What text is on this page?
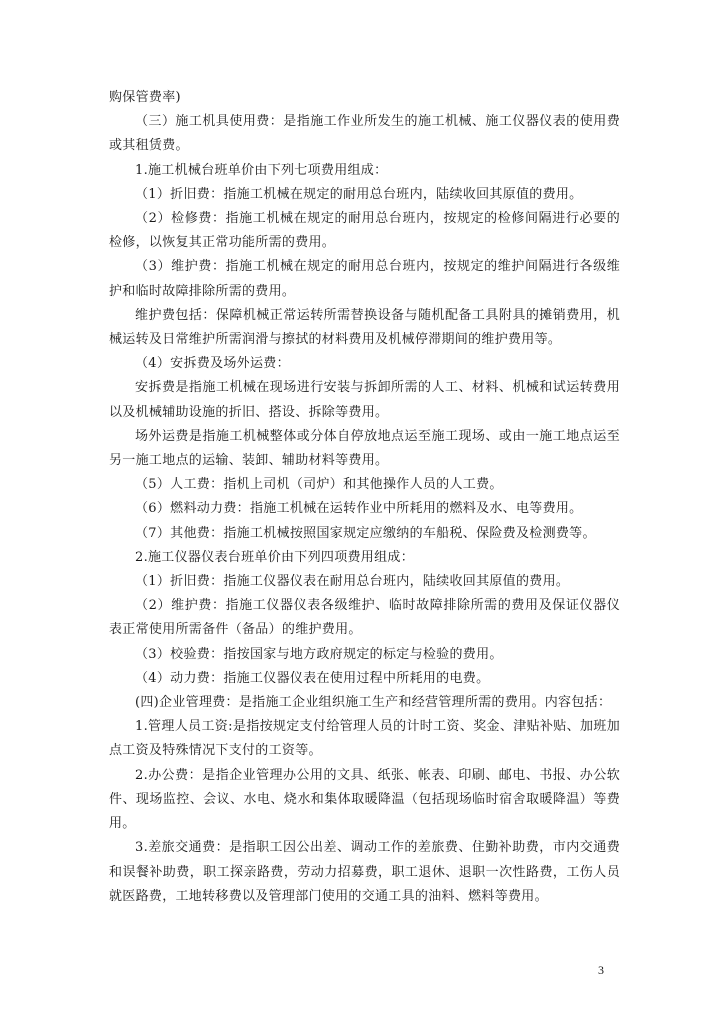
购保管费率)

（三）施工机具使用费：是指施工作业所发生的施工机械、施工仪器仪表的使用费或其租赁费。

1.施工机械台班单价由下列七项费用组成：

（1）折旧费：指施工机械在规定的耐用总台班内，陆续收回其原值的费用。

（2）检修费：指施工机械在规定的耐用总台班内，按规定的检修间隔进行必要的检修，以恢复其正常功能所需的费用。

（3）维护费：指施工机械在规定的耐用总台班内，按规定的维护间隔进行各级维护和临时故障排除所需的费用。

维护费包括：保障机械正常运转所需替换设备与随机配备工具附具的摊销费用，机械运转及日常维护所需润滑与擦拭的材料费用及机械停滞期间的维护费用等。

（4）安拆费及场外运费：

安拆费是指施工机械在现场进行安装与拆卸所需的人工、材料、机械和试运转费用以及机械辅助设施的折旧、搭设、拆除等费用。

场外运费是指施工机械整体或分体自停放地点运至施工现场、或由一施工地点运至另一施工地点的运输、装卸、辅助材料等费用。

（5）人工费：指机上司机（司炉）和其他操作人员的人工费。

（6）燃料动力费：指施工机械在运转作业中所耗用的燃料及水、电等费用。

（7）其他费：指施工机械按照国家规定应缴纳的车船税、保险费及检测费等。

2.施工仪器仪表台班单价由下列四项费用组成：

（1）折旧费：指施工仪器仪表在耐用总台班内，陆续收回其原值的费用。

（2）维护费：指施工仪器仪表各级维护、临时故障排除所需的费用及保证仪器仪表正常使用所需备件（备品）的维护费用。

（3）校验费：指按国家与地方政府规定的标定与检验的费用。

（4）动力费：指施工仪器仪表在使用过程中所耗用的电费。

(四)企业管理费：是指施工企业组织施工生产和经营管理所需的费用。内容包括：

1.管理人员工资:是指按规定支付给管理人员的计时工资、奖金、津贴补贴、加班加点工资及特殊情况下支付的工资等。

2.办公费：是指企业管理办公用的文具、纸张、帐表、印刷、邮电、书报、办公软件、现场监控、会议、水电、烧水和集体取暖降温（包括现场临时宿舍取暖降温）等费用。

3.差旅交通费：是指职工因公出差、调动工作的差旅费、住勤补助费，市内交通费和误餐补助费，职工探亲路费，劳动力招募费，职工退休、退职一次性路费，工伤人员就医路费，工地转移费以及管理部门使用的交通工具的油料、燃料等费用。

3
